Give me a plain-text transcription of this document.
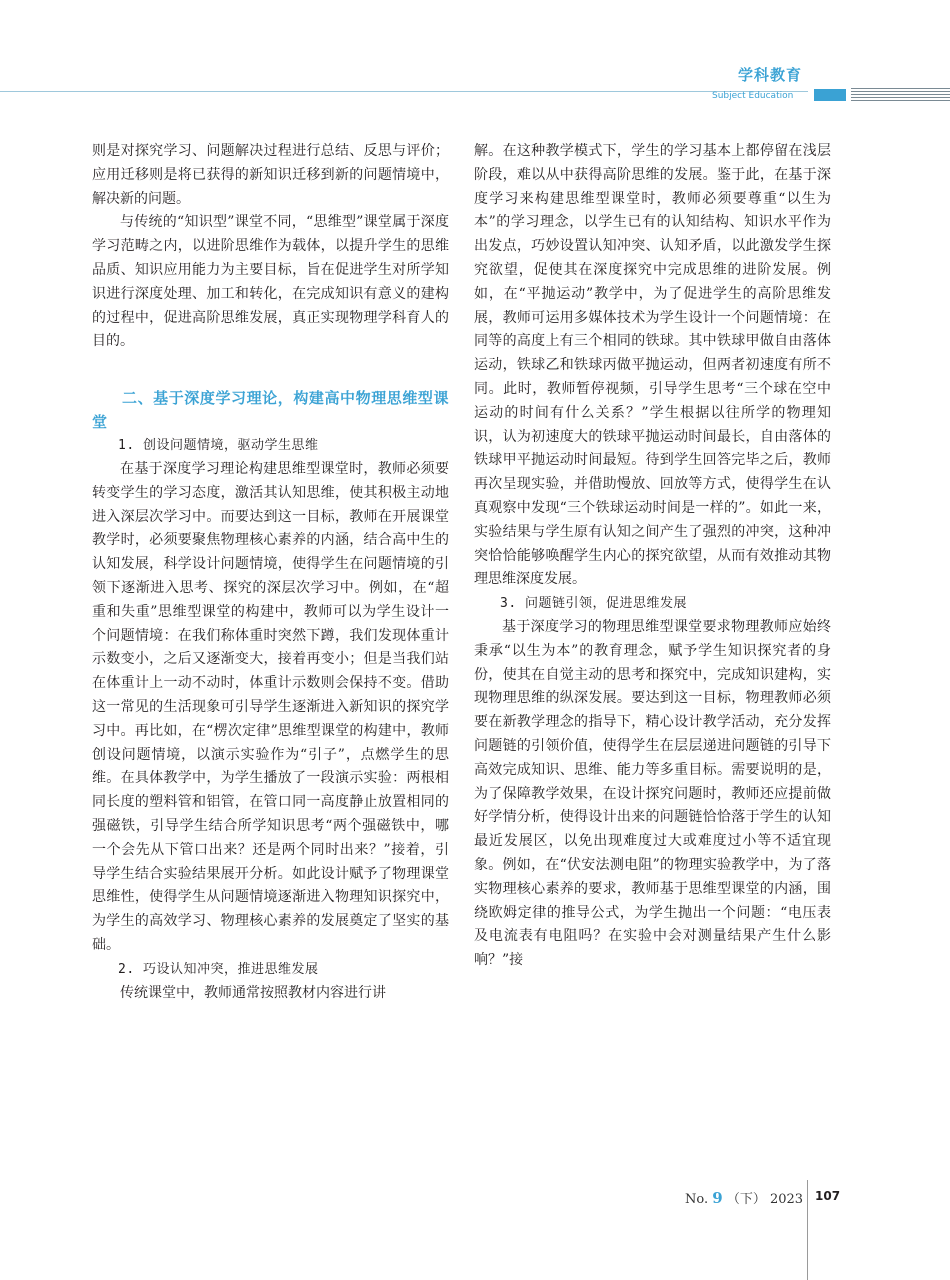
学科教育
Subject Education

则是对探究学习、问题解决过程进行总结、反思与评价；应用迁移则是将已获得的新知识迁移到新的问题情境中，解决新的问题。

与传统的“知识型”课堂不同，“思维型”课堂属于深度学习范畴之内，以进阶思维作为载体，以提升学生的思维品质、知识应用能力为主要目标，旨在促进学生对所学知识进行深度处理、加工和转化，在完成知识有意义的建构的过程中，促进高阶思维发展，真正实现物理学科育人的目的。

二、基于深度学习理论，构建高中物理思维型课堂

1. 创设问题情境，驱动学生思维

在基于深度学习理论构建思维型课堂时，教师必须要转变学生的学习态度，激活其认知思维，使其积极主动地进入深层次学习中。而要达到这一目标，教师在开展课堂教学时，必须要聚焦物理核心素养的内涵，结合高中生的认知发展，科学设计问题情境，使得学生在问题情境的引领下逐渐进入思考、探究的深层次学习中。例如，在“超重和失重”思维型课堂的构建中，教师可以为学生设计一个问题情境：在我们称体重时突然下蹲，我们发现体重计示数变小，之后又逐渐变大，接着再变小；但是当我们站在体重计上一动不动时，体重计示数则会保持不变。借助这一常见的生活现象可引导学生逐渐进入新知识的探究学习中。再比如，在“楞次定律”思维型课堂的构建中，教师创设问题情境，以演示实验作为“引子”，点燃学生的思维。在具体教学中，为学生播放了一段演示实验：两根相同长度的塑料管和铝管，在管口同一高度静止放置相同的强磁铁，引导学生结合所学知识思考“两个强磁铁中，哪一个会先从下管口出来？还是两个同时出来？”接着，引导学生结合实验结果展开分析。如此设计赋予了物理课堂思维性，使得学生从问题情境逐渐进入物理知识探究中，为学生的高效学习、物理核心素养的发展奠定了坚实的基础。

2. 巧设认知冲突，推进思维发展

传统课堂中，教师通常按照教材内容进行讲

解。在这种教学模式下，学生的学习基本上都停留在浅层阶段，难以从中获得高阶思维的发展。鉴于此，在基于深度学习来构建思维型课堂时，教师必须要尊重“以生为本”的学习理念，以学生已有的认知结构、知识水平作为出发点，巧妙设置认知冲突、认知矛盾，以此激发学生探究欲望，促使其在深度探究中完成思维的进阶发展。例如，在“平抛运动”教学中，为了促进学生的高阶思维发展，教师可运用多媒体技术为学生设计一个问题情境：在同等的高度上有三个相同的铁球。其中铁球甲做自由落体运动，铁球乙和铁球丙做平抛运动，但两者初速度有所不同。此时，教师暂停视频，引导学生思考“三个球在空中运动的时间有什么关系？”学生根据以往所学的物理知识，认为初速度大的铁球平抛运动时间最长，自由落体的铁球甲平抛运动时间最短。待到学生回答完毕之后，教师再次呈现实验，并借助慢放、回放等方式，使得学生在认真观察中发现“三个铁球运动时间是一样的”。如此一来，实验结果与学生原有认知之间产生了强烈的冲突，这种冲突恰恰能够唤醒学生内心的探究欲望，从而有效推动其物理思维深度发展。

3. 问题链引领，促进思维发展

基于深度学习的物理思维型课堂要求物理教师应始终秉承“以生为本”的教育理念，赋予学生知识探究者的身份，使其在自觉主动的思考和探究中，完成知识建构，实现物理思维的纵深发展。要达到这一目标，物理教师必须要在新教学理念的指导下，精心设计教学活动，充分发挥问题链的引领价值，使得学生在层层递进问题链的引导下高效完成知识、思维、能力等多重目标。需要说明的是，为了保障教学效果，在设计探究问题时，教师还应提前做好学情分析，使得设计出来的问题链恰恰落于学生的认知最近发展区，以免出现难度过大或难度过小等不适宜现象。例如，在“伏安法测电阻”的物理实验教学中，为了落实物理核心素养的要求，教师基于思维型课堂的内涵，围绕欧姆定律的推导公式，为学生抛出一个问题：“电压表及电流表有电阻吗？在实验中会对测量结果产生什么影响？”接

No. 9 （下） 2023 107
